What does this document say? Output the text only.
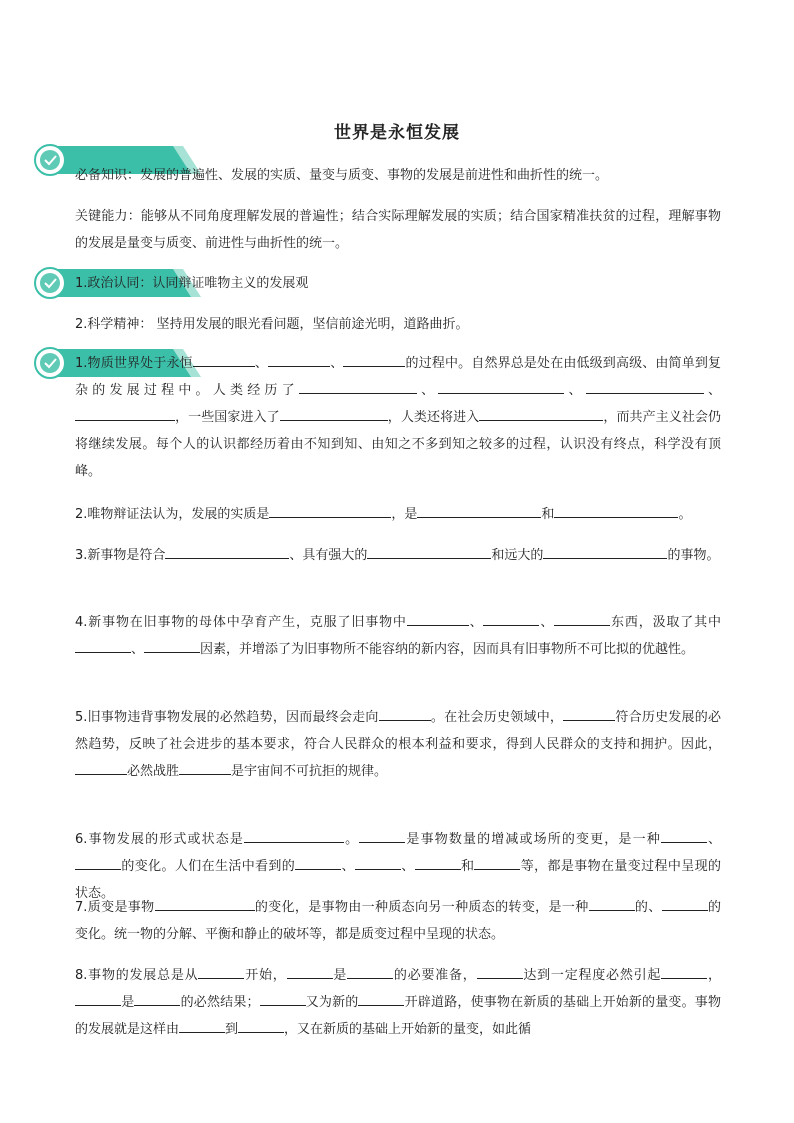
世界是永恒发展

必备知识：发展的普遍性、发展的实质、量变与质变、事物的发展是前进性和曲折性的统一。

关键能力：能够从不同角度理解发展的普遍性；结合实际理解发展的实质；结合国家精准扶贫的过程，理解事物的发展是量变与质变、前进性与曲折性的统一。

1.政治认同：认同辩证唯物主义的发展观

2.科学精神： 坚持用发展的眼光看问题，坚信前途光明，道路曲折。

1.物质世界处于永恒	、	、	的过程中。自然界总是处在由低级到高级、由简单到复杂的发展过程中。人类经历了	、	、	、，一些国家进入了	，人类还将进入	，而共产主义社会仍将继续发展。每个人的认识都经历着由不知到知、由知之不多到知之较多的过程，认识没有终点，科学没有顶峰。

2.唯物辩证法认为，发展的实质是	，是	和	。

3.新事物是符合	、具有强大的	和远大的	的事物。

4.新事物在旧事物的母体中孕育产生，克服了旧事物中	、	、	东西，汲取了其中、	因素，并增添了为旧事物所不能容纳的新内容，因而具有旧事物所不可比拟的优越性。

5.旧事物违背事物发展的必然趋势，因而最终会走向	。在社会历史领域中，	符合历史发展的必然趋势，反映了社会进步的基本要求，符合人民群众的根本利益和要求，得到人民群众的支持和拥护。因此，必然战胜	是宇宙间不可抗拒的规律。

6.事物发展的形式或状态是	。	是事物数量的增减或场所的变更，是一种	、的变化。人们在生活中看到的	、	、	和	等，都是事物在量变过程中呈现的状态。

7.质变是事物	的变化，是事物由一种质态向另一种质态的转变，是一种	的、	的变化。统一物的分解、平衡和静止的破坏等，都是质变过程中呈现的状态。

8.事物的发展总是从	开始，	是	的必要准备，	达到一定程度必然引起	，是	的必然结果；	又为新的	开辟道路，使事物在新质的基础上开始新的量变。事物的发展就是这样由	到	，又在新质的基础上开始新的量变，如此循
